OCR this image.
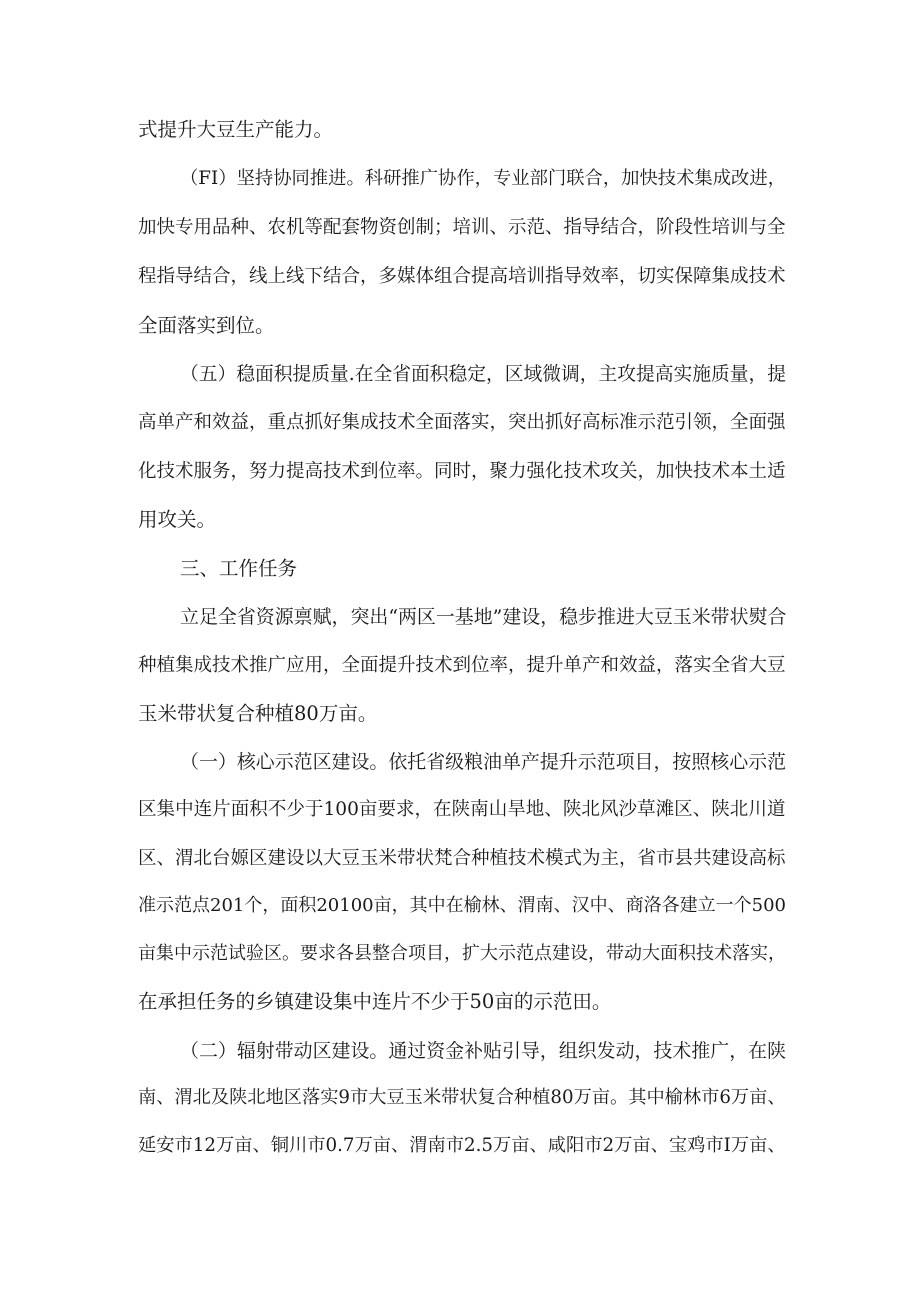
式提升大豆生产能力。

（FI）坚持协同推进。科研推广协作，专业部门联合，加快技术集成改进，

加快专用品种、农机等配套物资创制；培训、示范、指导结合，阶段性培训与全

程指导结合，线上线下结合，多媒体组合提高培训指导效率，切实保障集成技术

全面落实到位。

（五）稳面积提质量.在全省面积稳定，区域微调，主攻提高实施质量，提

高单产和效益，重点抓好集成技术全面落实，突出抓好高标准示范引领，全面强

化技术服务，努力提高技术到位率。同时，聚力强化技术攻关，加快技术本土适

用攻关。

三、工作任务

立足全省资源禀赋，突出“两区一基地”建设，稳步推进大豆玉米带状熨合

种植集成技术推广应用，全面提升技术到位率，提升单产和效益，落实全省大豆

玉米带状复合种植80万亩。

（一）核心示范区建设。依托省级粮油单产提升示范项目，按照核心示范

区集中连片面积不少于100亩要求，在陕南山旱地、陕北风沙草滩区、陕北川道

区、渭北台嫄区建设以大豆玉米带状梵合种植技术模式为主，省市县共建设高标

准示范点201个，面积20100亩，其中在榆林、渭南、汉中、商洛各建立一个500

亩集中示范试验区。要求各县整合项目，扩大示范点建设，带动大面积技术落实，

在承担任务的乡镇建设集中连片不少于50亩的示范田。

（二）辐射带动区建设。通过资金补贴引导，组织发动，技术推广，在陕

南、渭北及陕北地区落实9市大豆玉米带状复合种植80万亩。其中榆林市6万亩、

延安市12万亩、铜川市0.7万亩、渭南市2.5万亩、咸阳市2万亩、宝鸡市I万亩、
